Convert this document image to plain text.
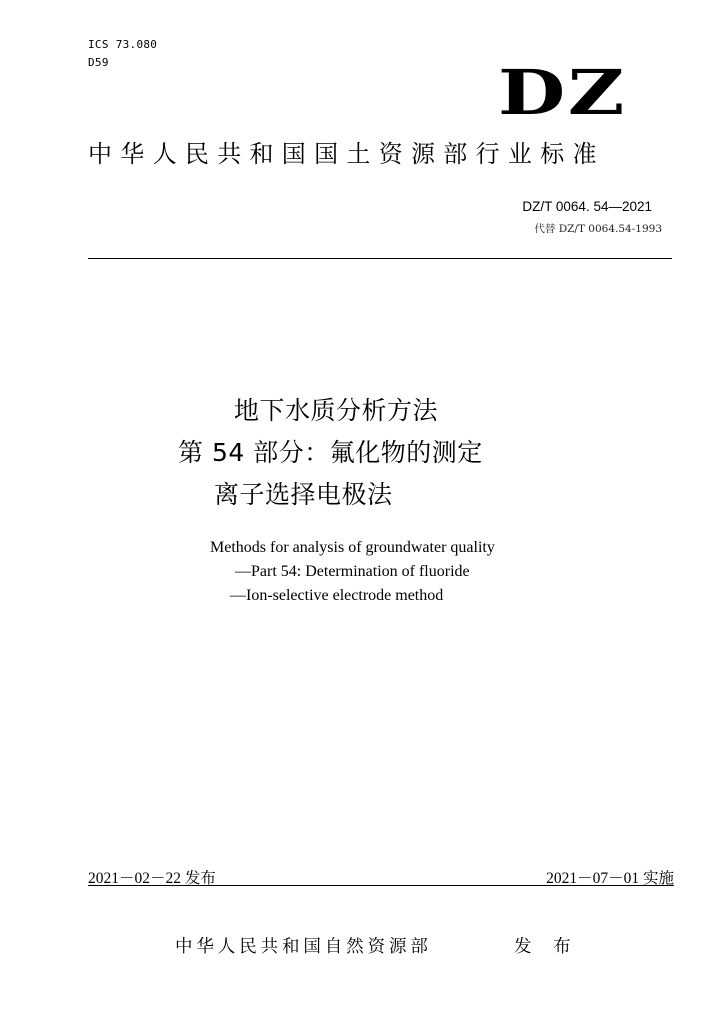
ICS 73.080
D59	DZ
中华人民共和国国土资源部行业标准
DZ/T 0064. 54—2021
代替 DZ/T 0064.54-1993
地下水质分析方法
第 54 部分：氟化物的测定
离子选择电极法
Methods for analysis of groundwater quality
—Part 54: Determination of fluoride
—Ion-selective electrode method
2021－02－22 发布	2021－07－01 实施
中华人民共和国自然资源部	发 布
